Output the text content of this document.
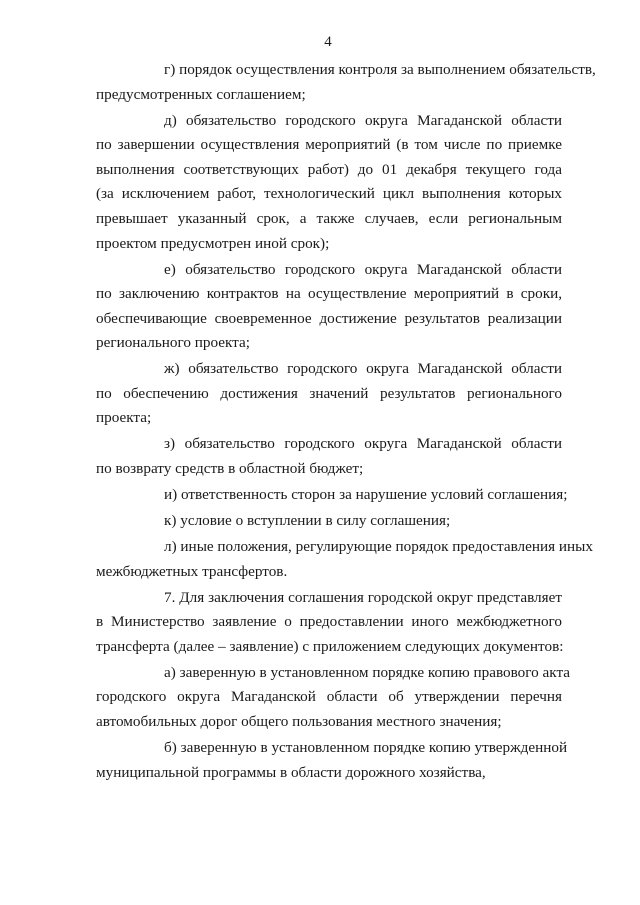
4
г) порядок осуществления контроля за выполнением обязательств,
предусмотренных соглашением;
д) обязательство городского округа Магаданской области
по завершении осуществления мероприятий (в том числе по приемке
выполнения соответствующих работ) до 01 декабря текущего года
(за исключением работ, технологический цикл выполнения которых
превышает указанный срок, а также случаев, если региональным
проектом предусмотрен иной срок);
е) обязательство городского округа Магаданской области
по заключению контрактов на осуществление мероприятий в сроки,
обеспечивающие своевременное достижение результатов реализации
регионального проекта;
ж) обязательство городского округа Магаданской области
по обеспечению достижения значений результатов регионального
проекта;
з) обязательство городского округа Магаданской области
по возврату средств в областной бюджет;
и) ответственность сторон за нарушение условий соглашения;
к) условие о вступлении в силу соглашения;
л) иные положения, регулирующие порядок предоставления иных
межбюджетных трансфертов.
7. Для заключения соглашения городской округ представляет
в Министерство заявление о предоставлении иного межбюджетного
трансферта (далее – заявление) с приложением следующих документов:
а) заверенную в установленном порядке копию правового акта
городского округа Магаданской области об утверждении перечня
автомобильных дорог общего пользования местного значения;
б) заверенную в установленном порядке копию утвержденной
муниципальной программы в области дорожного хозяйства,
